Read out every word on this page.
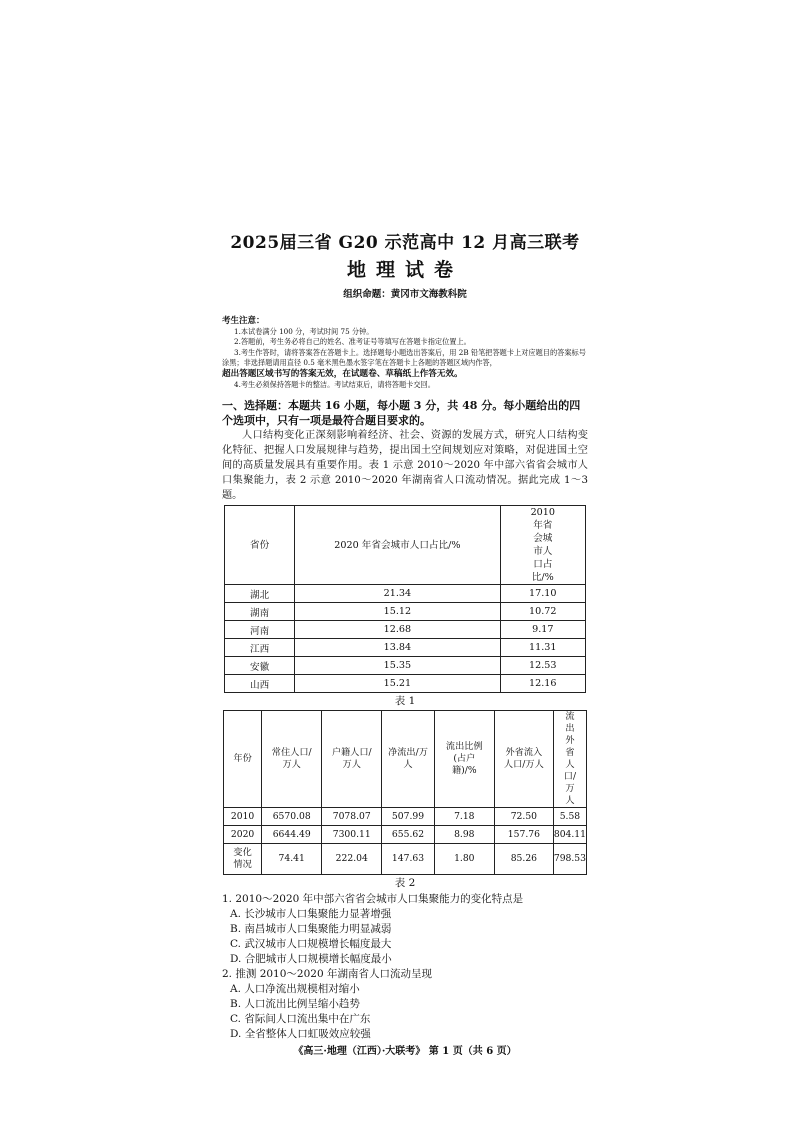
2025届三省 G20 示范高中 12 月高三联考
地理试卷
组织命题：黄冈市文海教科院
考生注意：

1.本试卷满分 100 分，考试时间 75 分钟。

2.答题前，考生务必将自己的姓名、准考证号等填写在答题卡指定位置上。

3.考生作答时，请将答案答在答题卡上。选择题每小题选出答案后，用 2B 铅笔把答题卡上对应题目的答案标号涂黑；非选择题请用直径 0.5 毫米黑色墨水签字笔在答题卡上各题的答题区域内作答，

超出答题区域书写的答案无效，在试题卷、草稿纸上作答无效。

4.考生必须保持答题卡的整洁。考试结束后，请将答题卡交回。

一、选择题：本题共 16 小题，每小题 3 分，共 48 分。每小题给出的四个选项中，只有一项是最符合题目要求的。

人口结构变化正深刻影响着经济、社会、资源的发展方式，研究人口结构变化特征、把握人口发展规律与趋势，提出国土空间规划应对策略，对促进国土空间的高质量发展具有重要作用。表 1 示意 2010～2020 年中部六省省会城市人口集聚能力，表 2 示意 2010～2020 年湖南省人口流动情况。据此完成 1～3 题。

省份	2020 年省会城市人口占比/%	2010 年省会城市人口占比/%
湖北	21.34	17.10
湖南	15.12	10.72
河南	12.68	9.17
江西	13.84	11.31
安徽	15.35	12.53
山西	15.21	12.16
表 1
年份	常住人口/万人	户籍人口/万人	净流出/万人	流出比例(占户籍)/%	外省流入人口/万人	流出外省人口/万人
2010	6570.08	7078.07	507.99	7.18	72.50	5.58
2020	6644.49	7300.11	655.62	8.98	157.76	804.11
变化情况	74.41	222.04	147.63	1.80	85.26	798.53
表 2

1. 2010～2020 年中部六省省会城市人口集聚能力的变化特点是

A. 长沙城市人口集聚能力显著增强

B. 南昌城市人口集聚能力明显减弱

C. 武汉城市人口规模增长幅度最大

D. 合肥城市人口规模增长幅度最小

2. 推测 2010～2020 年湖南省人口流动呈现

A. 人口净流出规模相对缩小

B. 人口流出比例呈缩小趋势

C. 省际间人口流出集中在广东

D. 全省整体人口虹吸效应较强

《高三·地理（江西）·大联考》 第 1 页（共 6 页）
